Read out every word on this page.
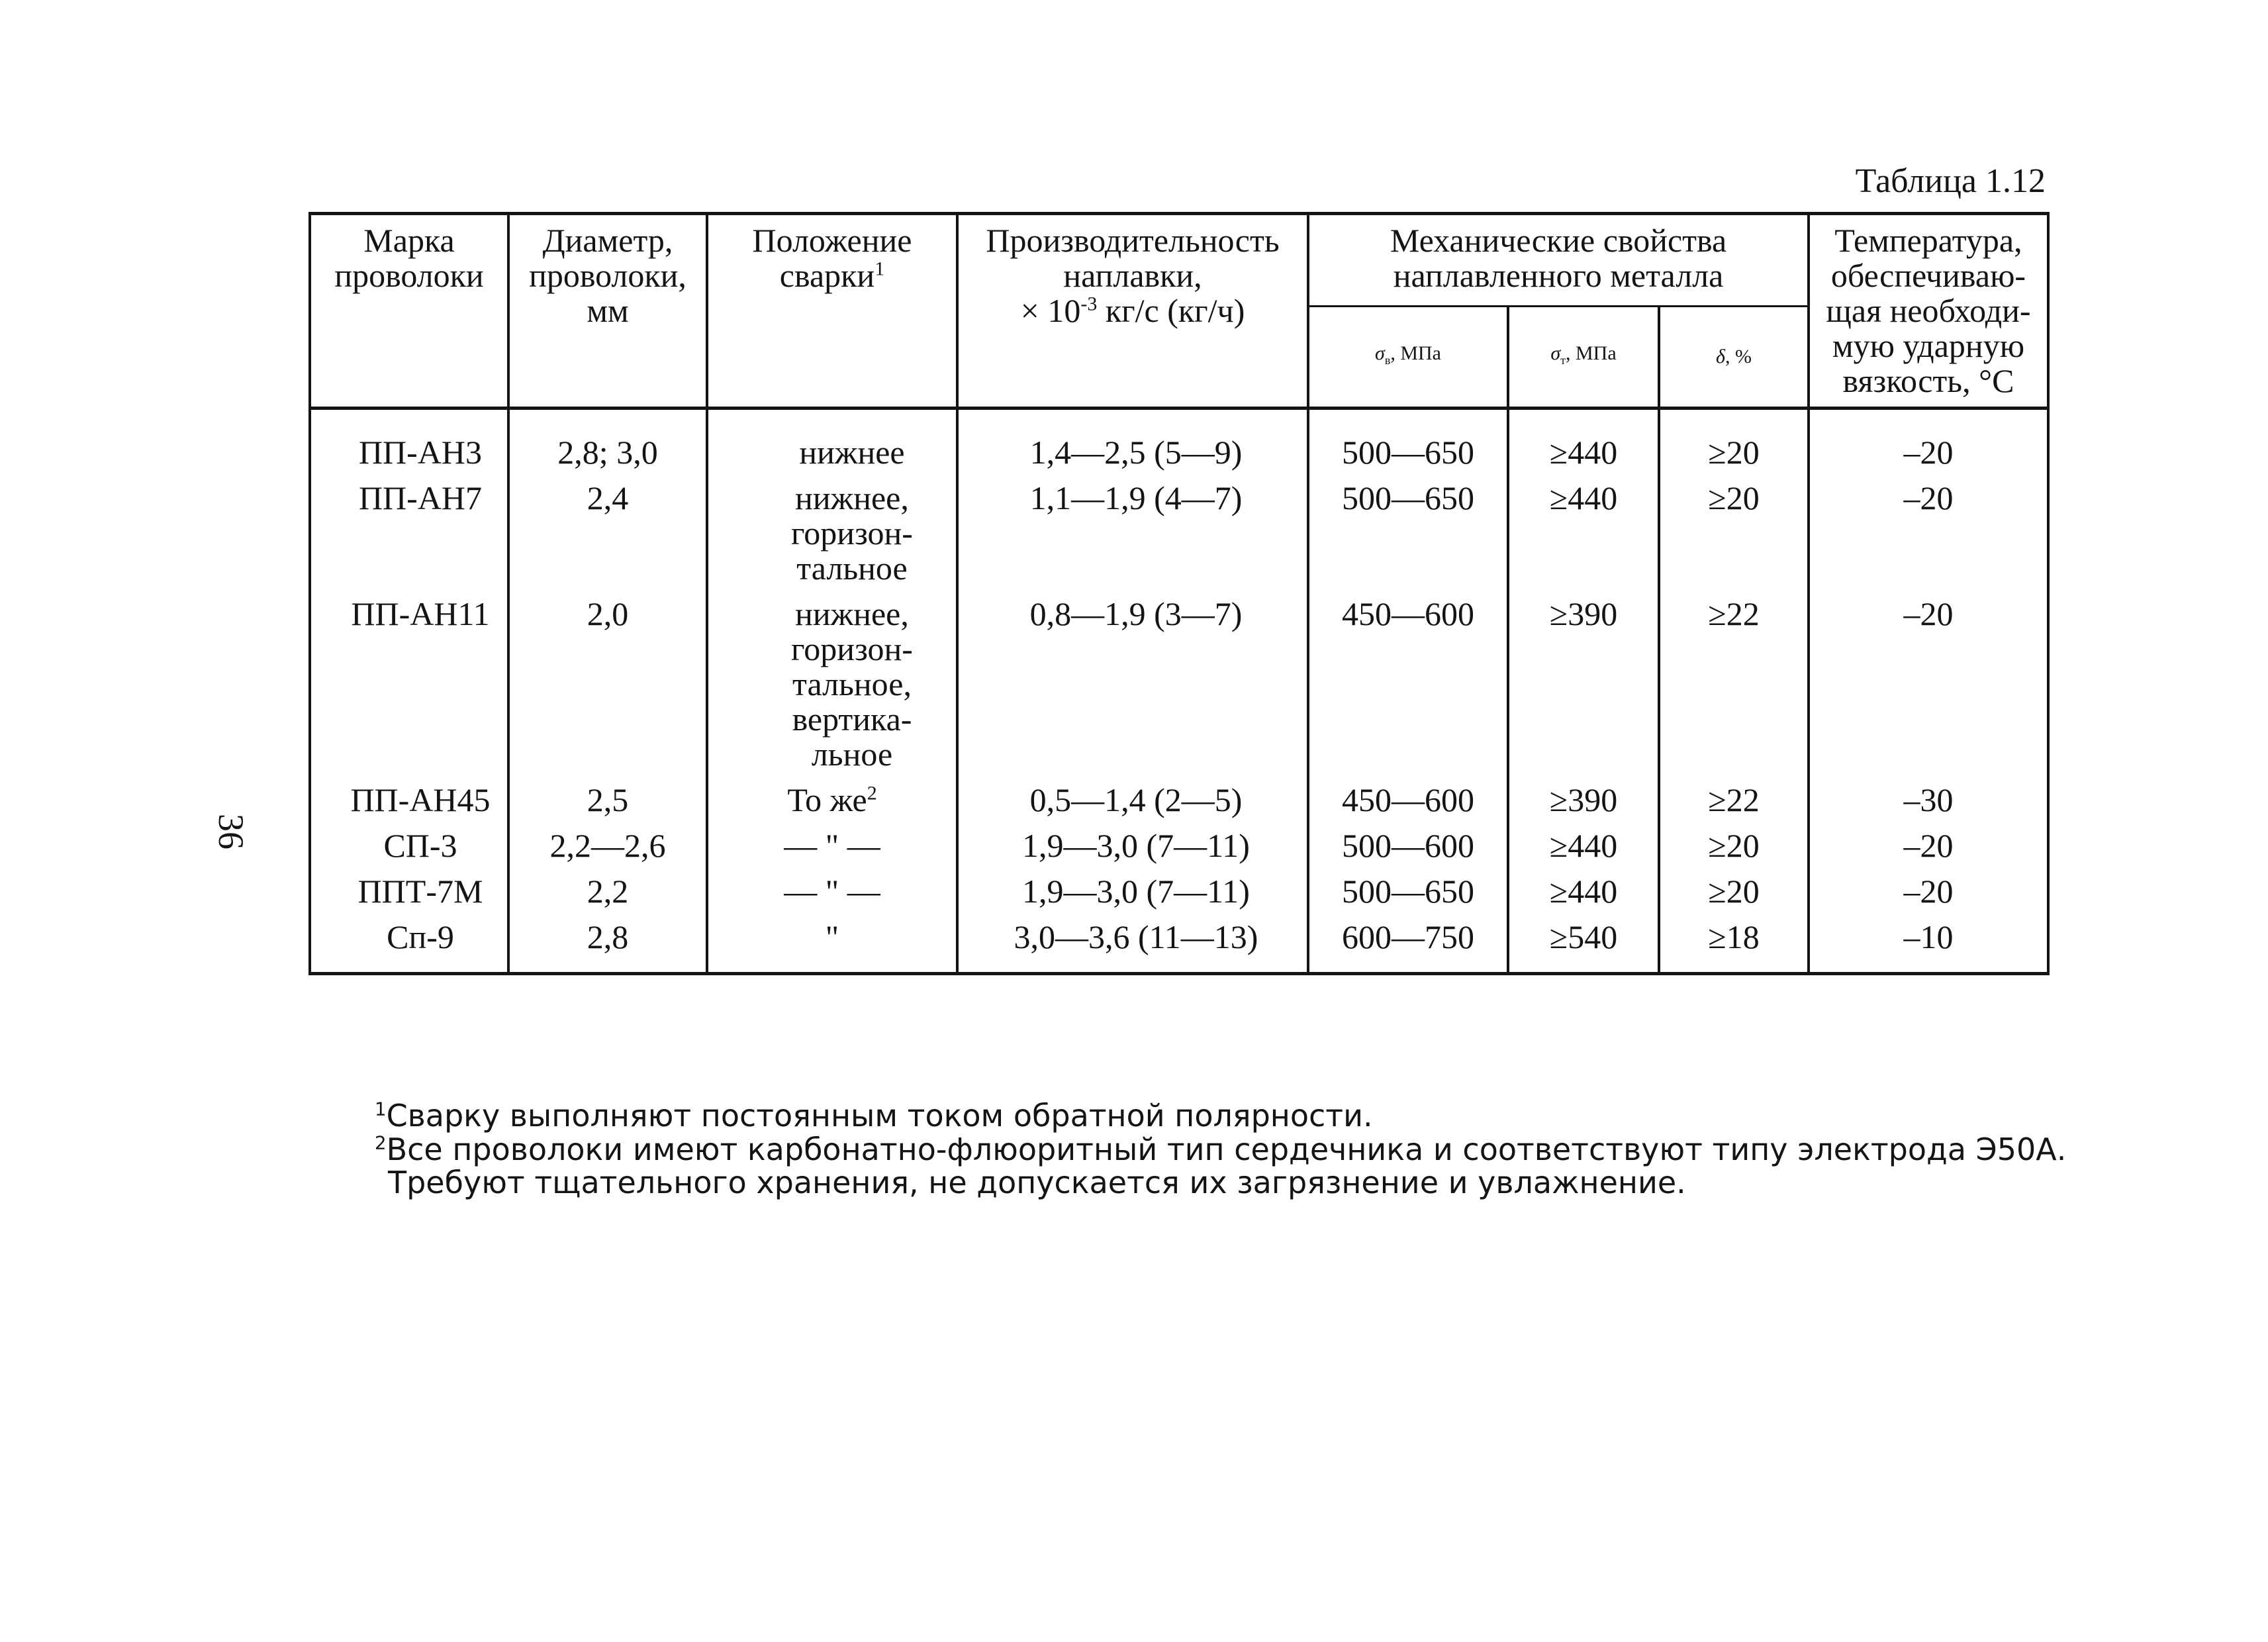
36
Таблица 1.12
Марка проволоки	Диаметр, проволоки, мм	Положение сварки$^1$	Производительность наплавки,
× $10^{-3}$ кг/с (кг/ч)	Механические свойства наплавленного металла			Температура, обеспечиваю-щая необходи-мую ударную вязкость, °С
				$\sigma_в$, МПа	$\sigma_т$, МПа	δ, %	
ПП-АН3	2,8; 3,0	нижнее	1,4—2,5 (5—9)	500—650	≥440	≥20	–20
ПП-АН7	2,4	нижнее,
горизон-
тальное	1,1—1,9 (4—7)	500—650	≥440	≥20	–20
ПП-АН11	2,0	нижнее,
горизон-
тальное,
вертика-
льное	0,8—1,9 (3—7)	450—600	≥390	≥22	–20
ПП-АН45	2,5	То $же^2$	0,5—1,4 (2—5)	450—600	≥390	≥22	–30
СП-3	2,2—2,6	— " —	1,9—3,0 (7—11)	500—600	≥440	≥20	–20
ППТ-7М	2,2	— " —	1,9—3,0 (7—11)	500—650	≥440	≥20	–20
Сп-9	2,8	"	3,0—3,6 (11—13)	600—750	≥540	≥18	–10

$^1$Сварку выполняют постоянным током обратной полярности.

$^2$Все проволоки имеют карбонатно-флюоритный тип сердечника и соответствуют типу электрода Э50А.

Требуют тщательного хранения, не допускается их загрязнение и увлажнение.
